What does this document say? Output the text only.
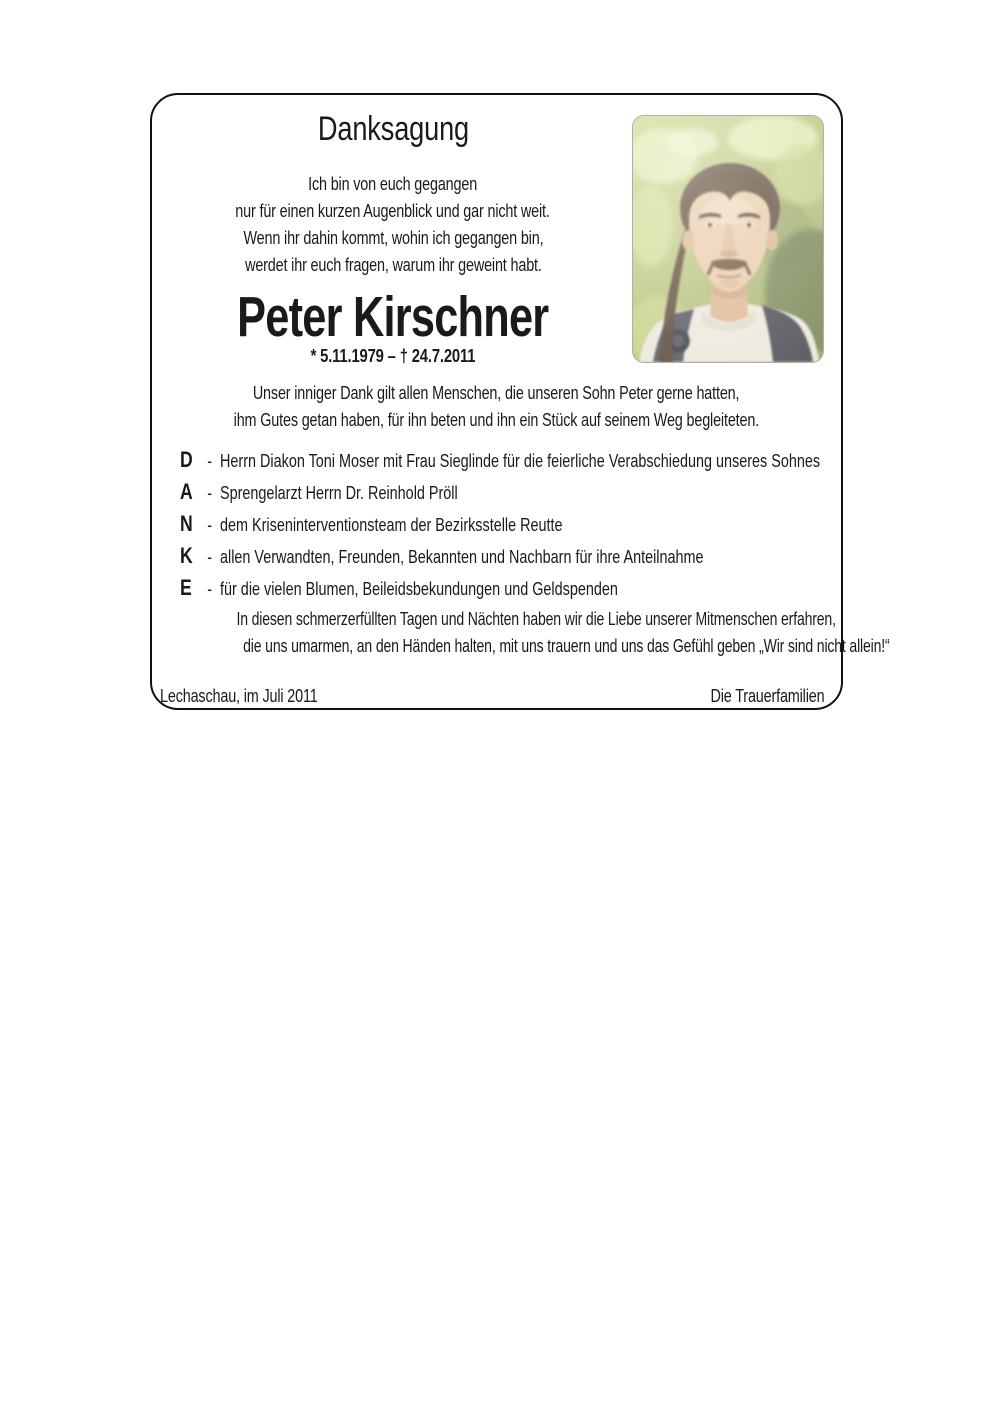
Danksagung
Ich bin von euch gegangen
nur für einen kurzen Augenblick und gar nicht weit.
Wenn ihr dahin kommt, wohin ich gegangen bin,
werdet ihr euch fragen, warum ihr geweint habt.
Peter Kirschner
* 5.11.1979 – † 24.7.2011
Unser inniger Dank gilt allen Menschen, die unseren Sohn Peter gerne hatten,
ihm Gutes getan haben, für ihn beten und ihn ein Stück auf seinem Weg begleiteten.
D - Herrn Diakon Toni Moser mit Frau Sieglinde für die feierliche Verabschiedung unseres Sohnes
A - Sprengelarzt Herrn Dr. Reinhold Pröll
N - dem Kriseninterventionsteam der Bezirksstelle Reutte
K - allen Verwandten, Freunden, Bekannten und Nachbarn für ihre Anteilnahme
E - für die vielen Blumen, Beileidsbekundungen und Geldspenden
In diesen schmerzerfüllten Tagen und Nächten haben wir die Liebe unserer Mitmenschen erfahren,
die uns umarmen, an den Händen halten, mit uns trauern und uns das Gefühl geben „Wir sind nicht allein!“
Lechaschau, im Juli 2011	Die Trauerfamilien
